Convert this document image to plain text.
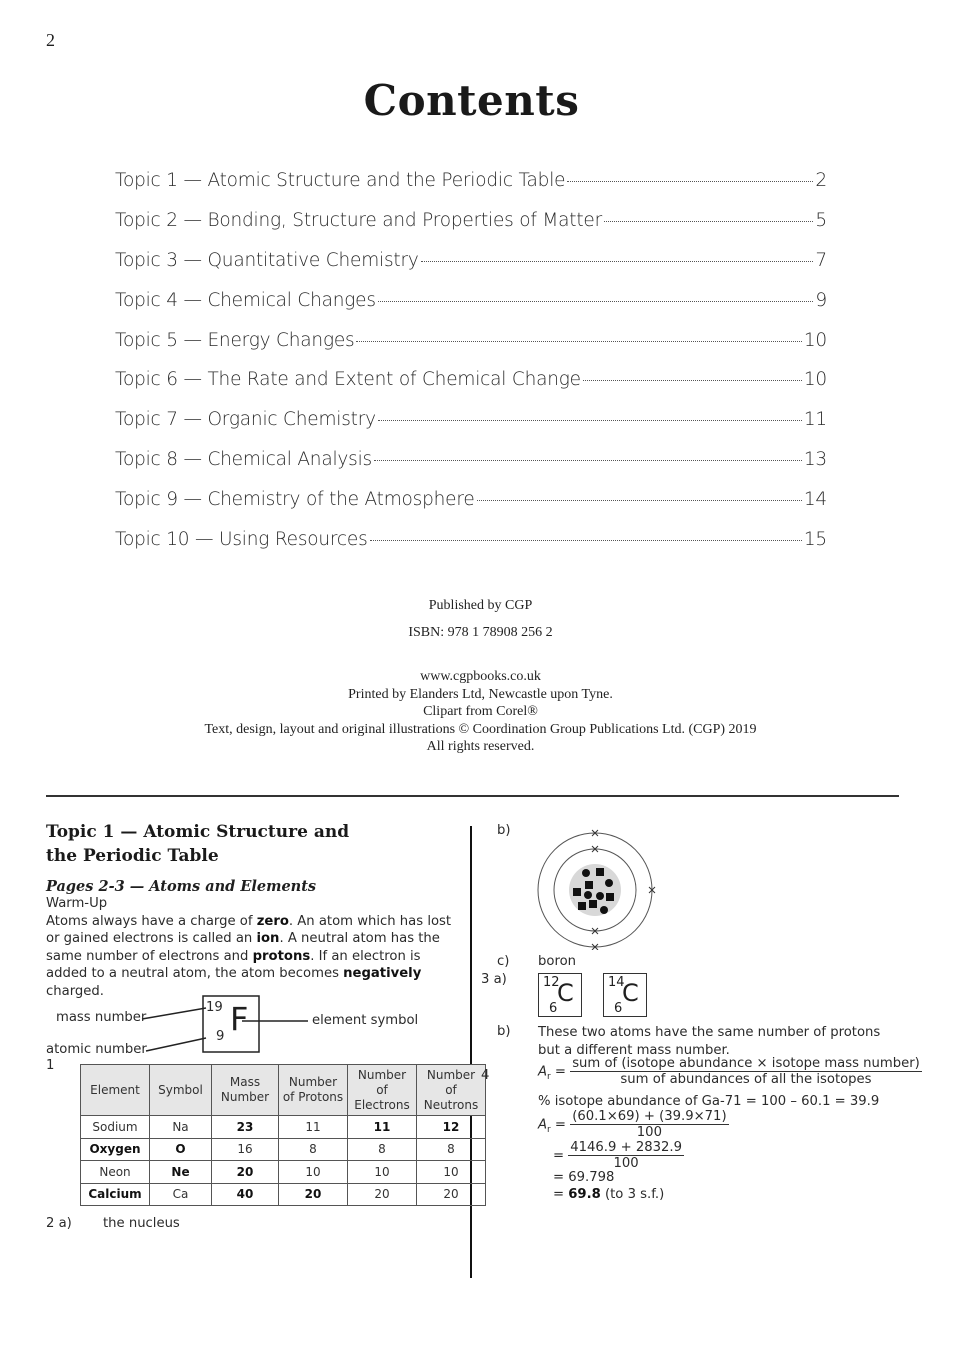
2
Contents
Topic 1 — Atomic Structure and the Periodic Table	2
Topic 2 — Bonding, Structure and Properties of Matter	5
Topic 3 — Quantitative Chemistry	7
Topic 4 — Chemical Changes	9
Topic 5 — Energy Changes	10
Topic 6 — The Rate and Extent of Chemical Change	10
Topic 7 — Organic Chemistry	11
Topic 8 — Chemical Analysis	13
Topic 9 — Chemistry of the Atmosphere	14
Topic 10 — Using Resources	15
Published by CGP
ISBN: 978 1 78908 256 2
www.cgpbooks.co.uk
Printed by Elanders Ltd, Newcastle upon Tyne.
Clipart from Corel®
Text, design, layout and original illustrations © Coordination Group Publications Ltd. (CGP) 2019
All rights reserved.
Topic 1 — Atomic Structure and
the Periodic Table
Pages 2-3 — Atoms and Elements
Warm-Up
Atoms always have a charge of zero. An atom which has lost or gained electrons is called an ion. A neutral atom has the same number of electrons and protons. If an electron is added to a neutral atom, the atom becomes negatively charged.
19
9 F
mass number
atomic number
element symbol
1
Element	Symbol	Mass Number	Number of Protons	Number of Electrons	Number of Neutrons
Sodium	Na	23	11	11	12
Oxygen	O	16	8	8	8
Neon	Ne	20	10	10	10
Calcium	Ca	40	20	20	20
2 a) the nucleus
b)
c) boron
3 a)	12
6
C	14
6
C
b) These two atoms have the same number of protons but a different mass number.
4	$A_r = \frac{\text{sum of (isotope abundance × isotope mass number)}}{\text{sum of abundances of all the isotopes}}$
% isotope abundance of Ga-71 = 100 – 60.1 = 39.9
$A_r = \frac{(60.1\times 69) + (39.9\times 71)}{100}$
= $\frac{4146.9 + 2832.9}{100}$
= 69.798
= 69.8 (to 3 s.f.)
